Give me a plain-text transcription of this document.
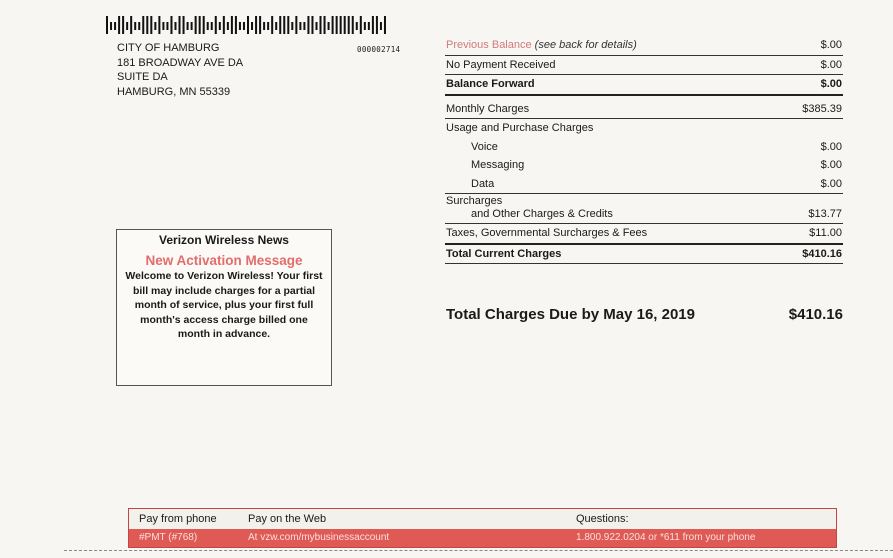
CITY OF HAMBURG
181 BROADWAY AVE DA
SUITE DA
HAMBURG, MN 55339
000002714	Previous Balance (see back for details)	$.00
No Payment Received	$.00
Balance Forward	$.00
Monthly Charges	$385.39
Usage and Purchase Charges
Voice	$.00
Messaging	$.00
Data	$.00
Surcharges
and Other Charges & Credits	$13.77
Taxes, Governmental Surcharges & Fees	$11.00
Total Current Charges	$410.16
Total Charges Due by May 16, 2019	$410.16
Verizon Wireless News
New Activation Message
Welcome to Verizon Wireless! Your first bill may include charges for a partial month of service, plus your first full month's access charge billed one month in advance.
Pay from phone	Pay on the Web	Questions:
#PMT (#768)	At vzw.com/mybusinessaccount	1.800.922.0204 or *611 from your phone
